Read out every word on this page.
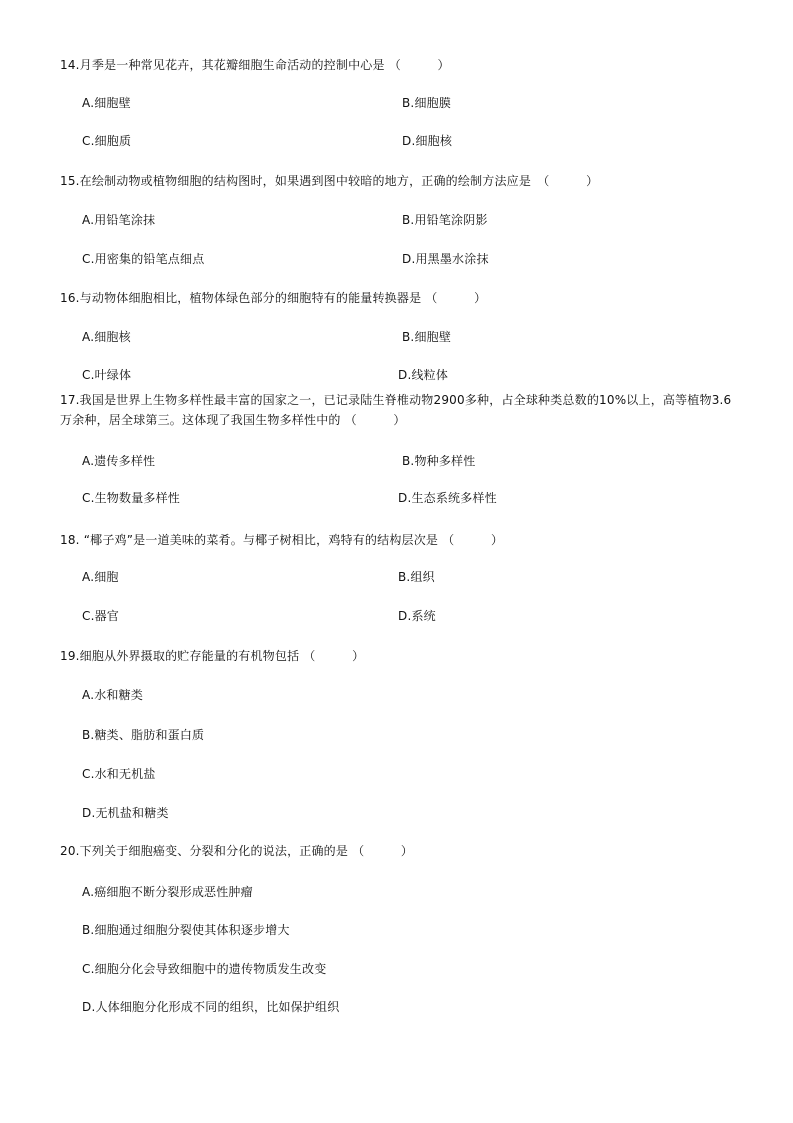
14.月季是一种常见花卉，其花瓣细胞生命活动的控制中心是 （　　　）
A.细胞壁	B.细胞膜
C.细胞质	D.细胞核
15.在绘制动物或植物细胞的结构图时，如果遇到图中较暗的地方，正确的绘制方法应是　（　　　）
A.用铅笔涂抹	B.用铅笔涂阴影
C.用密集的铅笔点细点	D.用黑墨水涂抹
16.与动物体细胞相比，植物体绿色部分的细胞特有的能量转换器是 （　　　）
A.细胞核	B.细胞壁
C.叶绿体	D.线粒体
17.我国是世界上生物多样性最丰富的国家之一，已记录陆生脊椎动物2900多种，占全球种类总数的10%以上，高等植物3.6万余种，居全球第三。这体现了我国生物多样性中的 （　　　）
A.遗传多样性	B.物种多样性
C.生物数量多样性	D.生态系统多样性
18. “椰子鸡”是一道美味的菜肴。与椰子树相比，鸡特有的结构层次是 （　　　）
A.细胞	B.组织
C.器官	D.系统
19.细胞从外界摄取的贮存能量的有机物包括 （　　　）
A.水和糖类
B.糖类、脂肪和蛋白质
C.水和无机盐
D.无机盐和糖类
20.下列关于细胞癌变、分裂和分化的说法，正确的是 （　　　）
A.癌细胞不断分裂形成恶性肿瘤
B.细胞通过细胞分裂使其体积逐步增大
C.细胞分化会导致细胞中的遗传物质发生改变
D.人体细胞分化形成不同的组织，比如保护组织
